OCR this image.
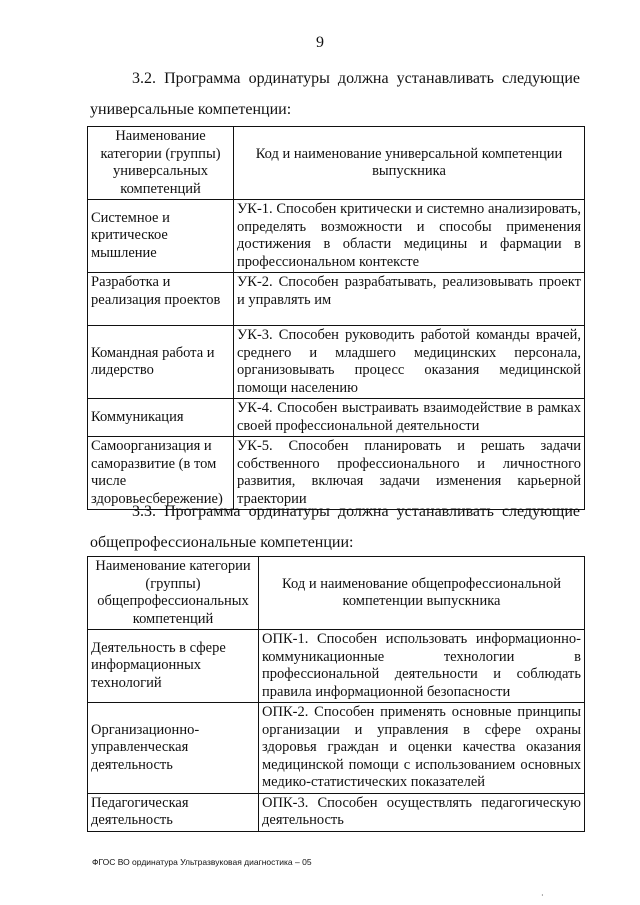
9
3.2. Программа ординатуры должна устанавливать следующие универсальные компетенции:
Наименование категории (группы) универсальных компетенций	Код и наименование универсальной компетенции выпускника
Системное и критическое мышление	УК-1. Способен критически и системно анализировать, определять возможности и способы применения достижения в области медицины и фармации в профессиональном контексте
Разработка и реализация проектов	УК-2. Способен разрабатывать, реализовывать проект и управлять им
Командная работа и лидерство	УК-3. Способен руководить работой команды врачей, среднего и младшего медицинских персонала, организовывать процесс оказания медицинской помощи населению
Коммуникация	УК-4. Способен выстраивать взаимодействие в рамках своей профессиональной деятельности
Самоорганизация и саморазвитие (в том числе здоровьесбережение)	УК-5. Способен планировать и решать задачи собственного профессионального и личностного развития, включая задачи изменения карьерной траектории
3.3. Программа ординатуры должна устанавливать следующие общепрофессиональные компетенции:
Наименование категории (группы) общепрофессиональных компетенций	Код и наименование общепрофессиональной компетенции выпускника
Деятельность в сфере информационных технологий	ОПК-1. Способен использовать информационно-коммуникационные технологии в профессиональной деятельности и соблюдать правила информационной безопасности
Организационно-управленческая деятельность	ОПК-2. Способен применять основные принципы организации и управления в сфере охраны здоровья граждан и оценки качества оказания медицинской помощи с использованием основных медико-статистических показателей
Педагогическая деятельность	ОПК-3. Способен осуществлять педагогическую деятельность
ФГОС ВО ординатура Ультразвуковая диагностика – 05
·
